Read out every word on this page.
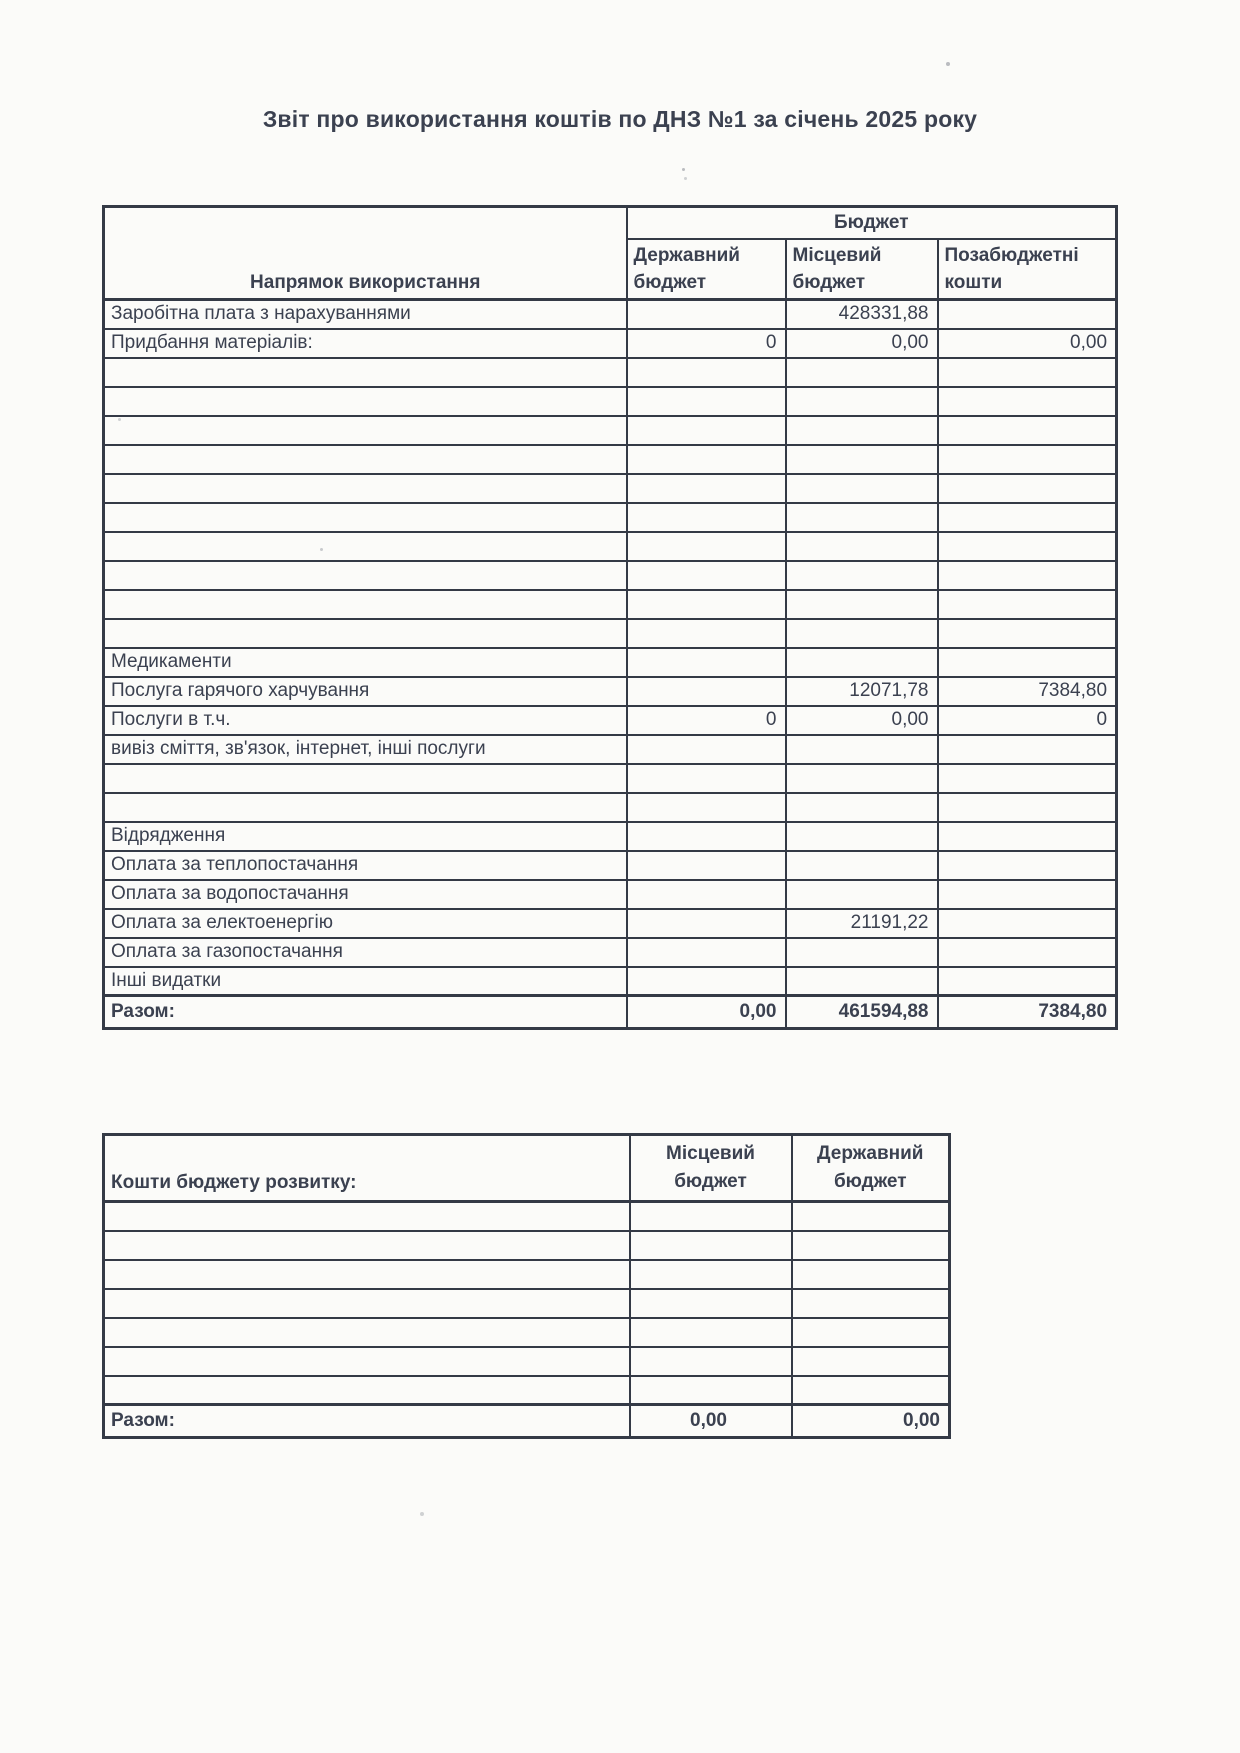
Звіт про використання коштів по ДНЗ №1 за січень 2025 року
Напрямок використання	Бюджет		
	Державний бюджет	Місцевий бюджет	Позабюджетні кошти
Заробітна плата з нарахуваннями		428331,88	
Придбання матеріалів:	0	0,00	0,00

Медикаменти			
Послуга гарячого харчування		12071,78	7384,80
Послуги в т.ч.	0	0,00	0
вивіз сміття, зв'язок, інтернет, інші послуги			

Відрядження			
Оплата за теплопостачання			
Оплата за водопостачання			
Оплата за електоенергію		21191,22	
Оплата за газопостачання			
Інші видатки			
Разом:	0,00	461594,88	7384,80
Кошти бюджету розвитку:	Місцевий бюджет	Державний бюджет

Разом:	0,00	0,00
